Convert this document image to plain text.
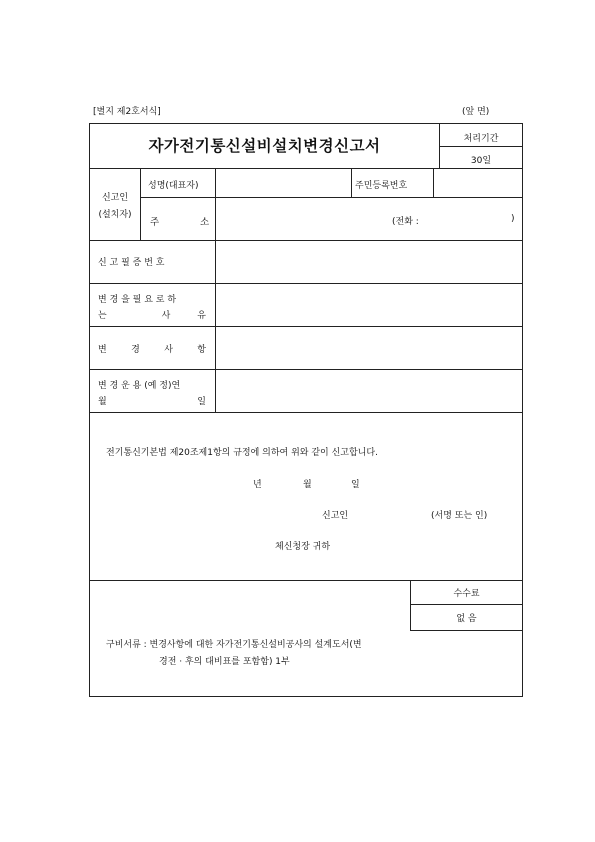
[별지 제2호서식]	(앞 면)
자가전기통신설비설치변경신고서	처리기간
30일
신고인
(설치자)
성명(대표자)	주민등록번호
주	소	(전화 :	)
신 고 필 증 번 호
변 경 을 필 요 로 하
는	사	유
변	경	사	항
변 경 운 용 (예 정)연
월	일
전기통신기본법 제20조제1항의 규정에 의하여 위와 같이 신고합니다.
년	월	일
신고인	(서명 또는 인)
체신청장 귀하
수수료
없 음
구비서류 : 변경사항에 대한 자가전기통신설비공사의 설계도서(변
경전 · 후의 대비표를 포함함) 1부
